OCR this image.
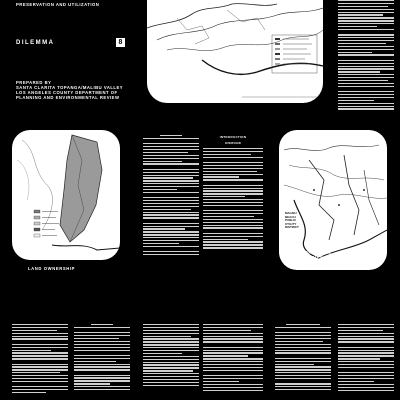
PRESERVATION AND UTILIZATION
DILEMMA	8
PREPARED BY
SANTA CLARITA TOPANGA/MALIBU VALLEY
LOS ANGELES COUNTY DEPARTMENT OF
PLANNING AND ENVIRONMENTAL REVIEW
LAND OWNERSHIP
INTRODUCTION
OVERVIEW
MALIBU
BEACH
PUBLIC
UTILITY
DISTRICT
JURISDICTIONAL
BOUNDARIES
WITHIN THE
WATERSHED
